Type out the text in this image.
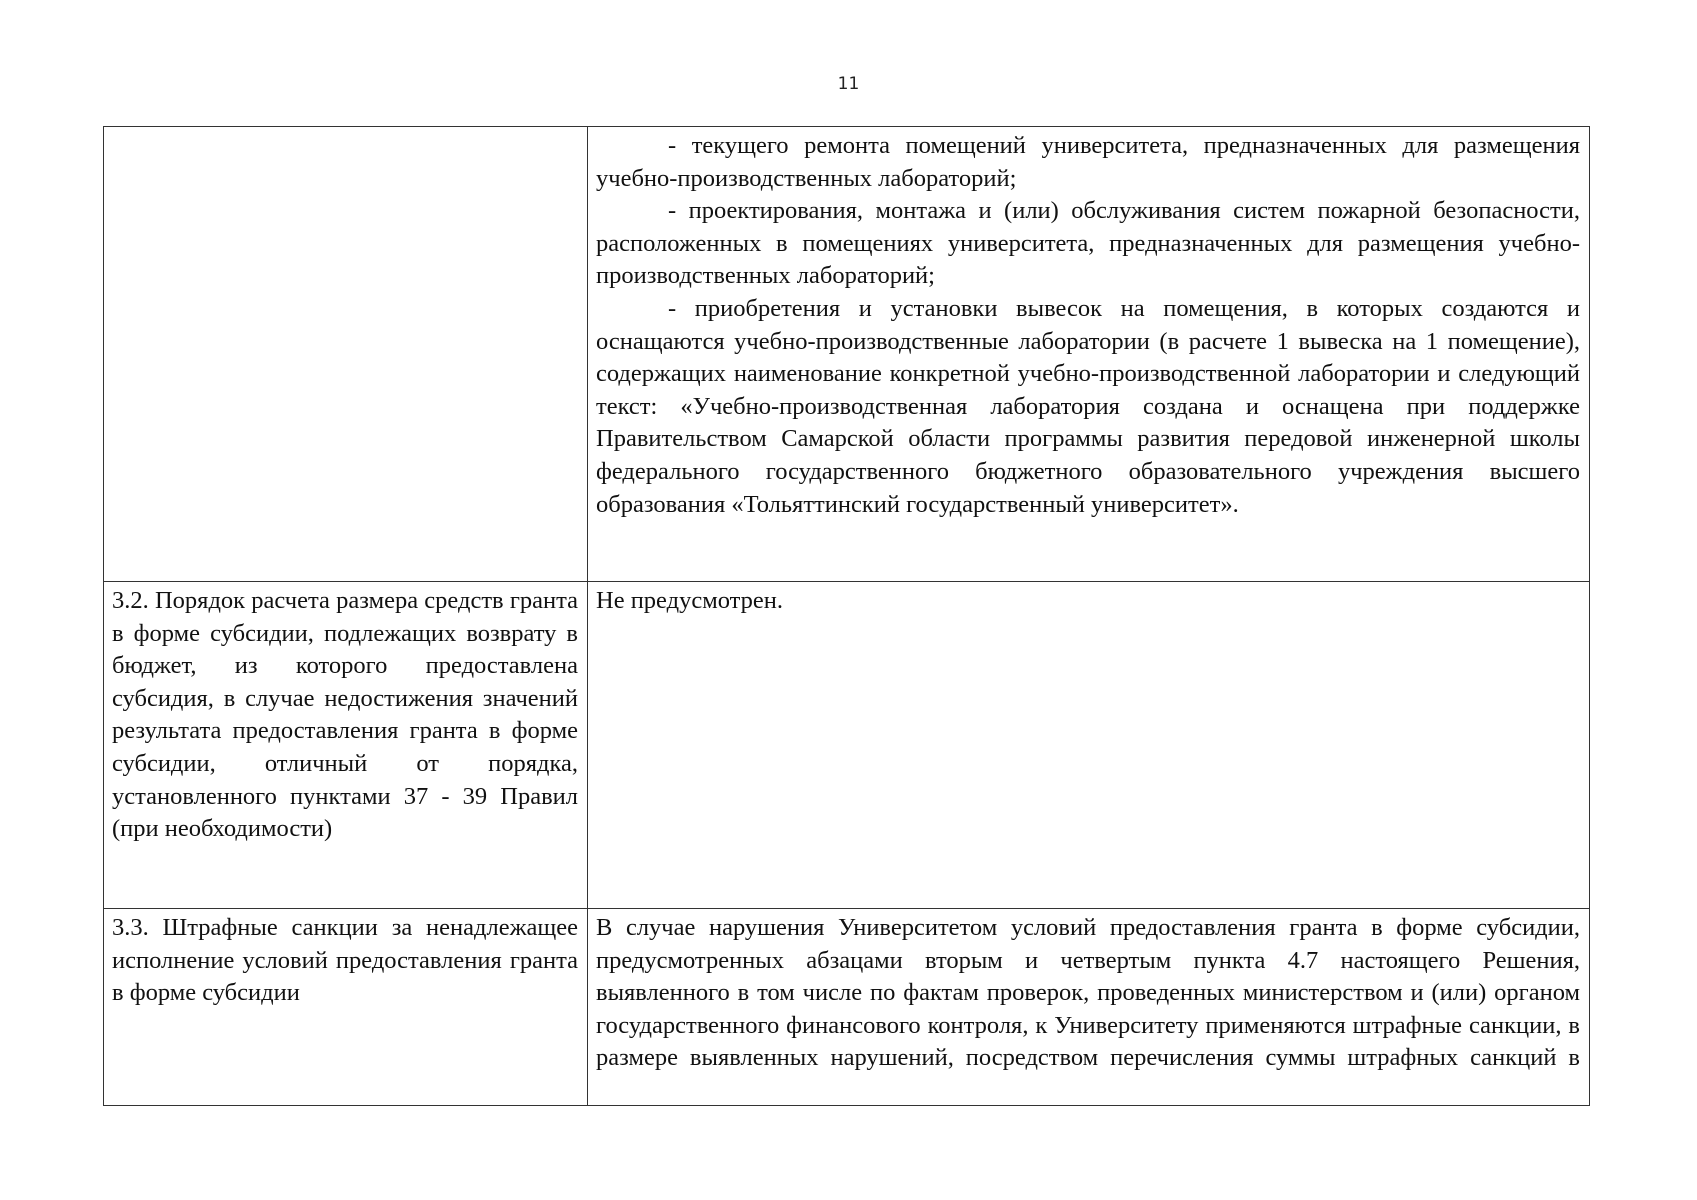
11

	- текущего ремонта помещений университета, предназначенных для размещения учебно-производственных лабораторий;

- проектирования, монтажа и (или) обслуживания систем пожарной безопасности, расположенных в помещениях университета, предназначенных для размещения учебно-производственных лабораторий;

- приобретения и установки вывесок на помещения, в которых создаются и оснащаются учебно-производственные лаборатории (в расчете 1 вывеска на 1 помещение), содержащих наименование конкретной учебно-производственной лаборатории и следующий текст: «Учебно-производственная лаборатория создана и оснащена при поддержке Правительством Самарской области программы развития передовой инженерной школы федерального государственного бюджетного образовательного учреждения высшего образования «Тольяттинский государственный университет».

3.2. Порядок расчета размера средств гранта в форме субсидии, подлежащих возврату в бюджет, из которого предоставлена субсидия, в случае недостижения значений результата предоставления гранта в форме субсидии, отличный от порядка, установленного пунктами 37 - 39 Правил (при необходимости)	Не предусмотрен.

3.3. Штрафные санкции за ненадлежащее исполнение условий предоставления гранта в форме субсидии	В случае нарушения Университетом условий предоставления гранта в форме субсидии, предусмотренных абзацами вторым и четвертым пункта 4.7 настоящего Решения, выявленного в том числе по фактам проверок, проведенных министерством и (или) органом государственного финансового контроля, к Университету применяются штрафные санкции, в размере выявленных нарушений, посредством перечисления суммы штрафных санкций в
